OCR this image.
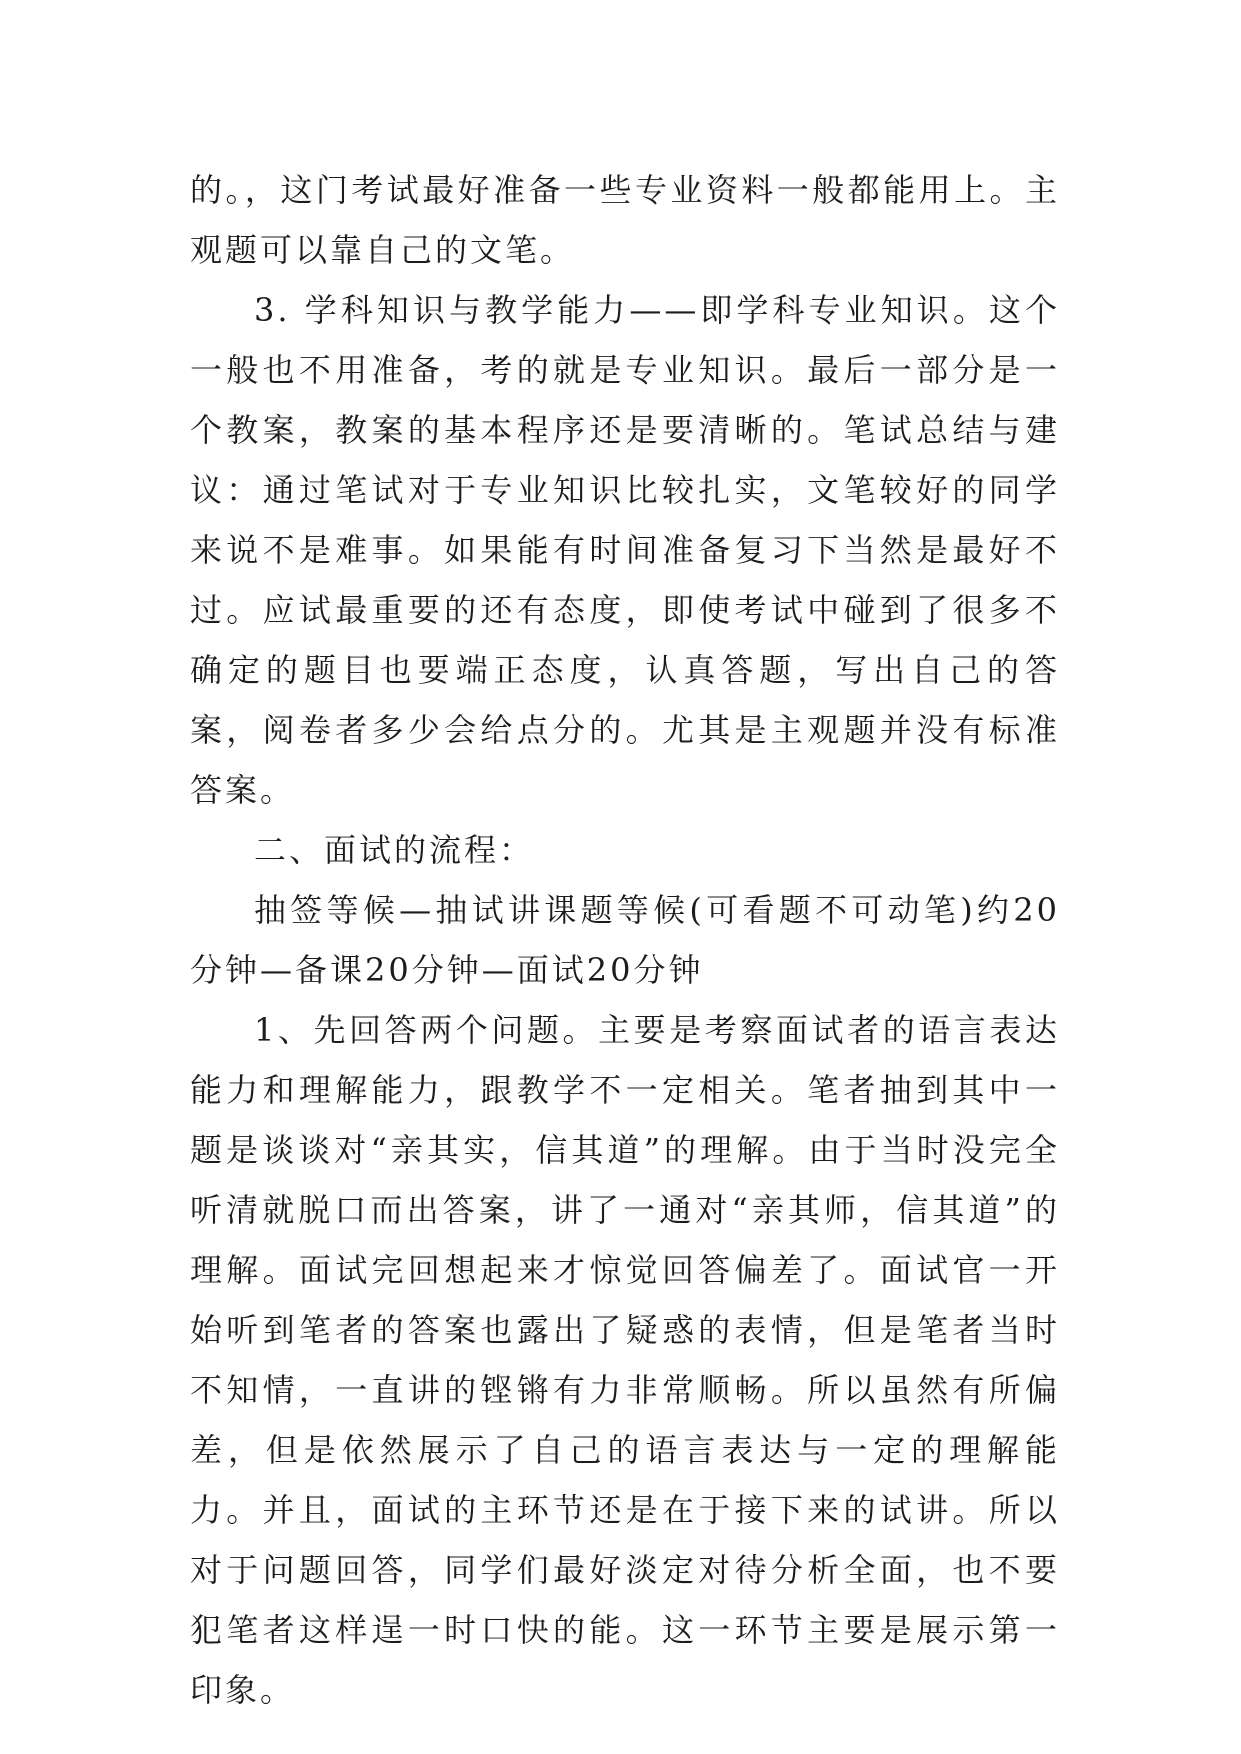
的。，这门考试最好准备一些专业资料一般都能用上。主观题可以靠自己的文笔。

3. 学科知识与教学能力——即学科专业知识。这个一般也不用准备，考的就是专业知识。最后一部分是一个教案，教案的基本程序还是要清晰的。笔试总结与建议：通过笔试对于专业知识比较扎实，文笔较好的同学来说不是难事。如果能有时间准备复习下当然是最好不过。应试最重要的还有态度，即使考试中碰到了很多不确定的题目也要端正态度，认真答题，写出自己的答案，阅卷者多少会给点分的。尤其是主观题并没有标准答案。

二、面试的流程：

抽签等候—抽试讲课题等候(可看题不可动笔)约20分钟—备课20分钟—面试20分钟

1、先回答两个问题。主要是考察面试者的语言表达能力和理解能力，跟教学不一定相关。笔者抽到其中一题是谈谈对“亲其实，信其道”的理解。由于当时没完全听清就脱口而出答案，讲了一通对“亲其师，信其道”的理解。面试完回想起来才惊觉回答偏差了。面试官一开始听到笔者的答案也露出了疑惑的表情，但是笔者当时不知情，一直讲的铿锵有力非常顺畅。所以虽然有所偏差，但是依然展示了自己的语言表达与一定的理解能力。并且，面试的主环节还是在于接下来的试讲。所以对于问题回答，同学们最好淡定对待分析全面，也不要犯笔者这样逞一时口快的能。这一环节主要是展示第一印象。
